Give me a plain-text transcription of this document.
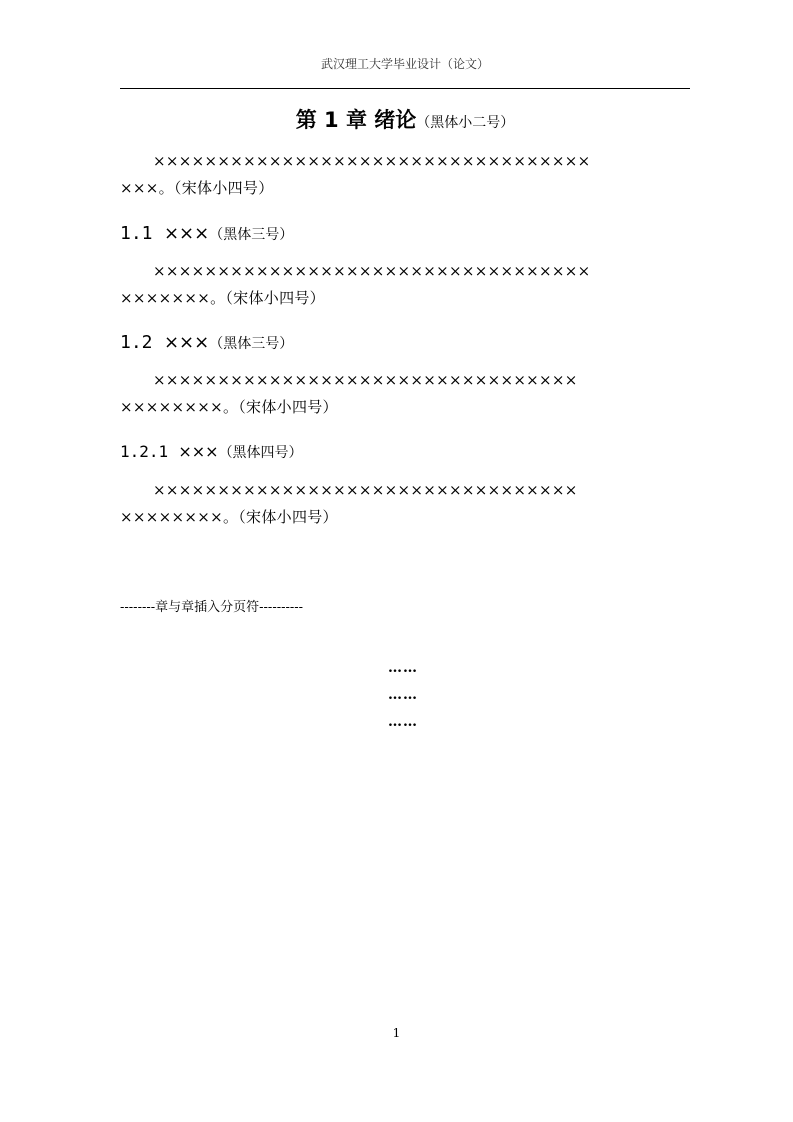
武汉理工大学毕业设计（论文）
第 1 章 绪论（黑体小二号）
××××××××××××××××××××××××××××××××××
×××。（宋体小四号）
1.1 ×××（黑体三号）
××××××××××××××××××××××××××××××××××
×××××××。（宋体小四号）
1.2 ×××（黑体三号）
×××××××××××××××××××××××××××××××××
××××××××。（宋体小四号）
1.2.1 ×××（黑体四号）
×××××××××××××××××××××××××××××××××
××××××××。（宋体小四号）
--------章与章插入分页符----------
……
……
……
1
